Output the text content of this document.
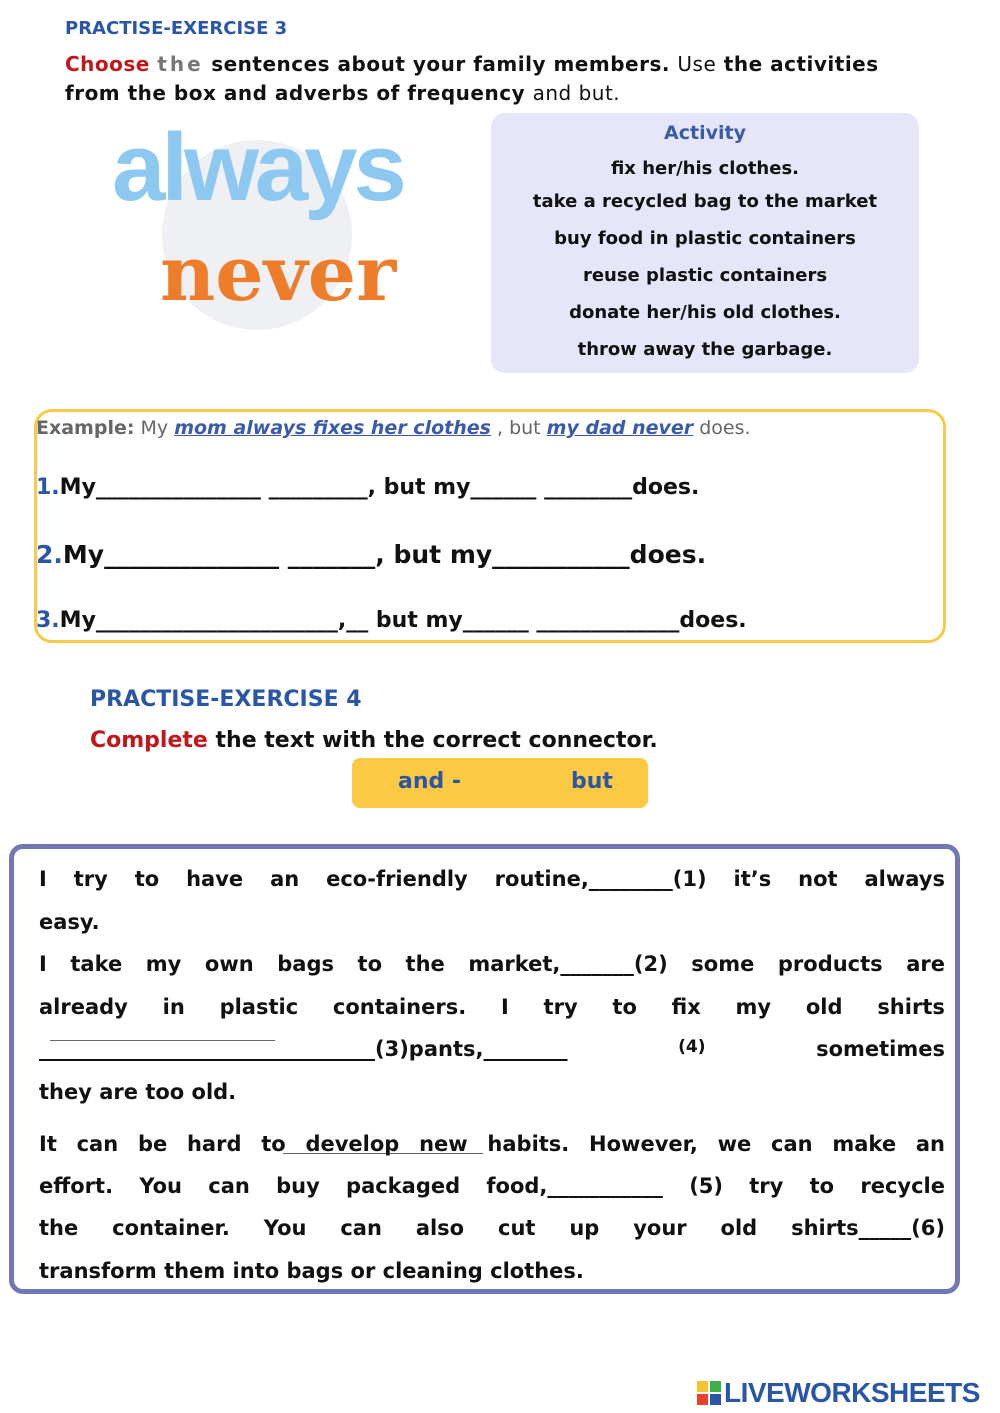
PRACTISE-EXERCISE 3
Choose the sentences about your family members. Use the activities
from the box and adverbs of frequency and but.
always
never
Activity
fix her/his clothes.
take a recycled bag to the market
buy food in plastic containers
reuse plastic containers
donate her/his old clothes.
throw away the garbage.
Example: My mom always fixes her clothes , but my dad never does.
1.My_______________ _________, but my______ ________does.
2.My______________ _______, but my___________does.
3.My______________________,__ but my______ _____________does.
PRACTISE-EXERCISE 4
Complete the text with the correct connector.
and -	but
I try to have an eco-friendly routine,________(1) it’s not always
easy.
I take my own bags to the market,_______(2) some products are
already in plastic containers. I try to fix my old shirts
________________________________(3)pants,________	(4)	sometimes
they are too old.
It can be hard to develop new habits. However, we can make an
effort. You can buy packaged food,___________ (5) try to recycle
the container. You can also cut up your old shirts_____(6)
transform them into bags or cleaning clothes.
LIVEWORKSHEETS
